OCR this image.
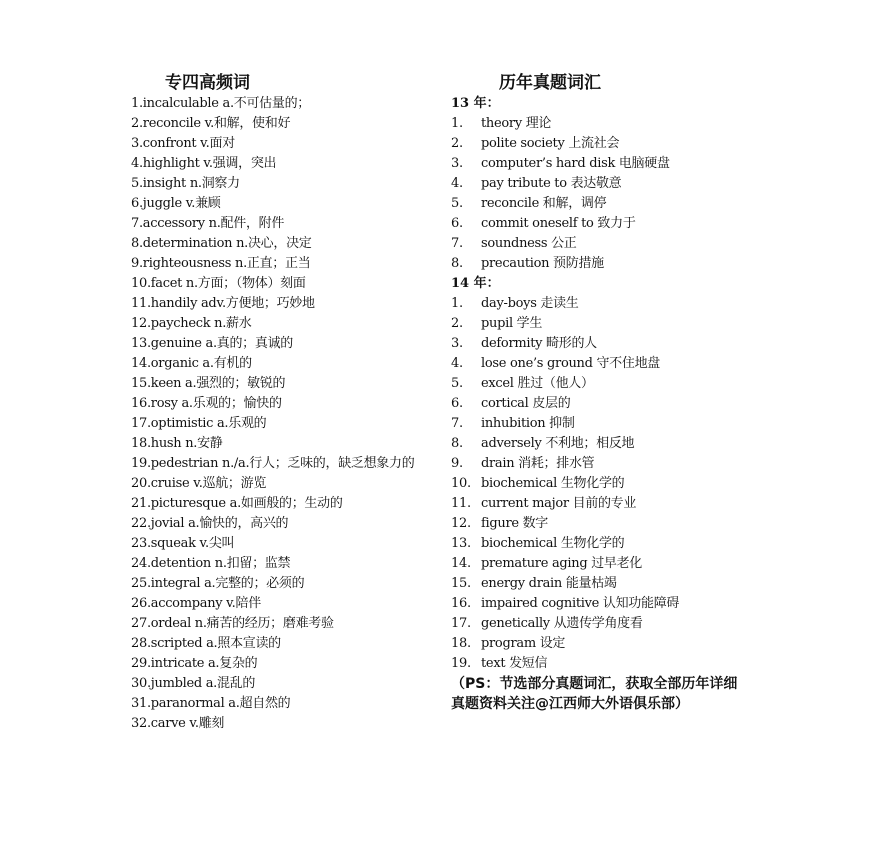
专四高频词
1.incalculable a.不可估量的；
2.reconcile v.和解，使和好
3.confront v.面对
4.highlight v.强调，突出
5.insight n.洞察力
6.juggle v.兼顾
7.accessory n.配件，附件
8.determination n.决心，决定
9.righteousness n.正直；正当
10.facet n.方面；（物体）刻面
11.handily adv.方便地；巧妙地
12.paycheck n.薪水
13.genuine a.真的；真诚的
14.organic a.有机的
15.keen a.强烈的；敏锐的
16.rosy a.乐观的；愉快的
17.optimistic a.乐观的
18.hush n.安静
19.pedestrian n./a.行人；乏味的，缺乏想象力的
20.cruise v.巡航；游览
21.picturesque a.如画般的；生动的
22.jovial a.愉快的，高兴的
23.squeak v.尖叫
24.detention n.扣留；监禁
25.integral a.完整的；必须的
26.accompany v.陪伴
27.ordeal n.痛苦的经历；磨难考验
28.scripted a.照本宣读的
29.intricate a.复杂的
30.jumbled a.混乱的
31.paranormal a.超自然的
32.carve v.雕刻
历年真题词汇
13 年：
1. theory 理论
2. polite society 上流社会
3. computer’s hard disk 电脑硬盘
4. pay tribute to 表达敬意
5. reconcile 和解，调停
6. commit oneself to 致力于
7. soundness 公正
8. precaution 预防措施
14 年：
1. day-boys 走读生
2. pupil 学生
3. deformity 畸形的人
4. lose one’s ground 守不住地盘
5. excel 胜过（他人）
6. cortical 皮层的
7. inhubition 抑制
8. adversely 不利地；相反地
9. drain 消耗；排水管
10. biochemical 生物化学的
11. current major 目前的专业
12. figure 数字
13. biochemical 生物化学的
14. premature aging 过早老化
15. energy drain 能量枯竭
16. impaired cognitive 认知功能障碍
17. genetically 从遗传学角度看
18. program 设定
19. text 发短信

（PS：节选部分真题词汇，获取全部历年详细真题资料关注@江西师大外语俱乐部）
